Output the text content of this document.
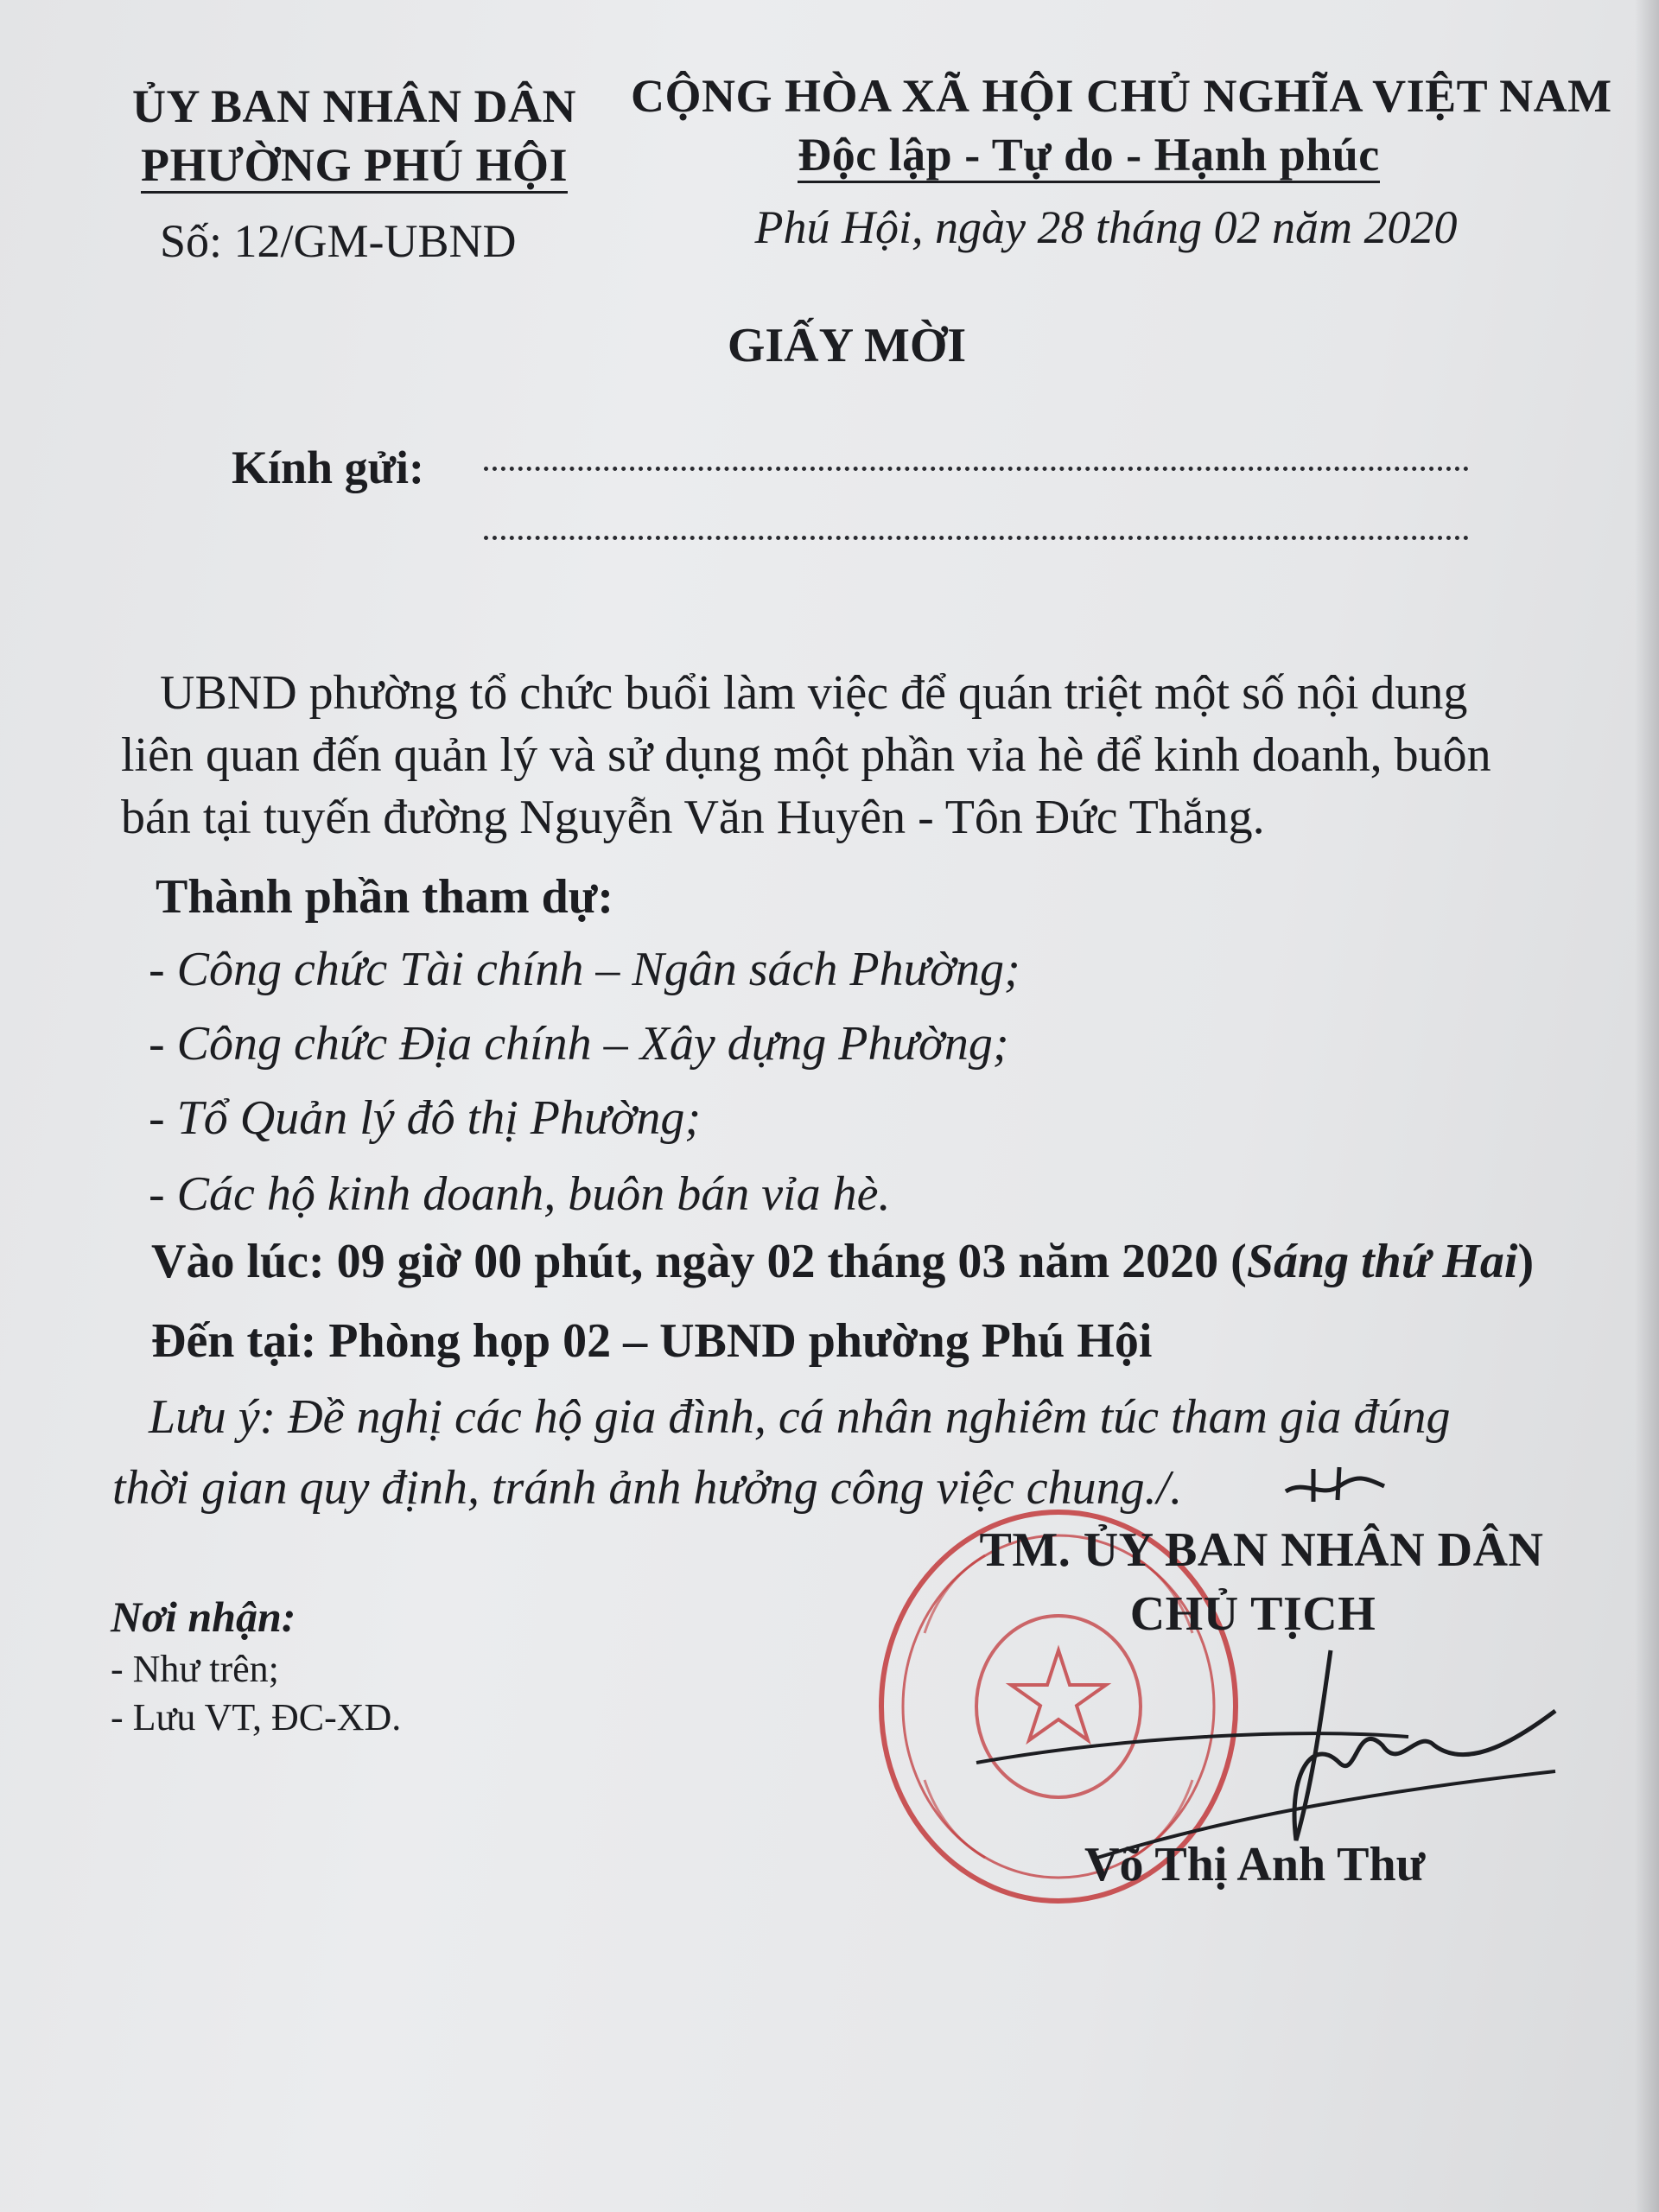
ỦY BAN NHÂN DÂN
PHƯỜNG PHÚ HỘI
Số: 12/GM-UBND
CỘNG HÒA XÃ HỘI CHỦ NGHĨA VIỆT NAM
Độc lập - Tự do - Hạnh phúc
Phú Hội, ngày 28 tháng 02 năm 2020
GIẤY MỜI
Kính gửi:
UBND phường tổ chức buổi làm việc để quán triệt một số nội dung
liên quan đến quản lý và sử dụng một phần vỉa hè để kinh doanh, buôn
bán tại tuyến đường Nguyễn Văn Huyên - Tôn Đức Thắng.
Thành phần tham dự:
- Công chức Tài chính – Ngân sách Phường;
- Công chức Địa chính – Xây dựng Phường;
- Tổ Quản lý đô thị Phường;
- Các hộ kinh doanh, buôn bán vỉa hè.
Vào lúc: 09 giờ 00 phút, ngày 02 tháng 03 năm 2020 (Sáng thứ Hai)
Đến tại: Phòng họp 02 – UBND phường Phú Hội
Lưu ý: Đề nghị các hộ gia đình, cá nhân nghiêm túc tham gia đúng
thời gian quy định, tránh ảnh hưởng công việc chung./.
Nơi nhận:
- Như trên;
- Lưu VT, ĐC-XD.
TM. ỦY BAN NHÂN DÂN
CHỦ TỊCH
Võ Thị Anh Thư
